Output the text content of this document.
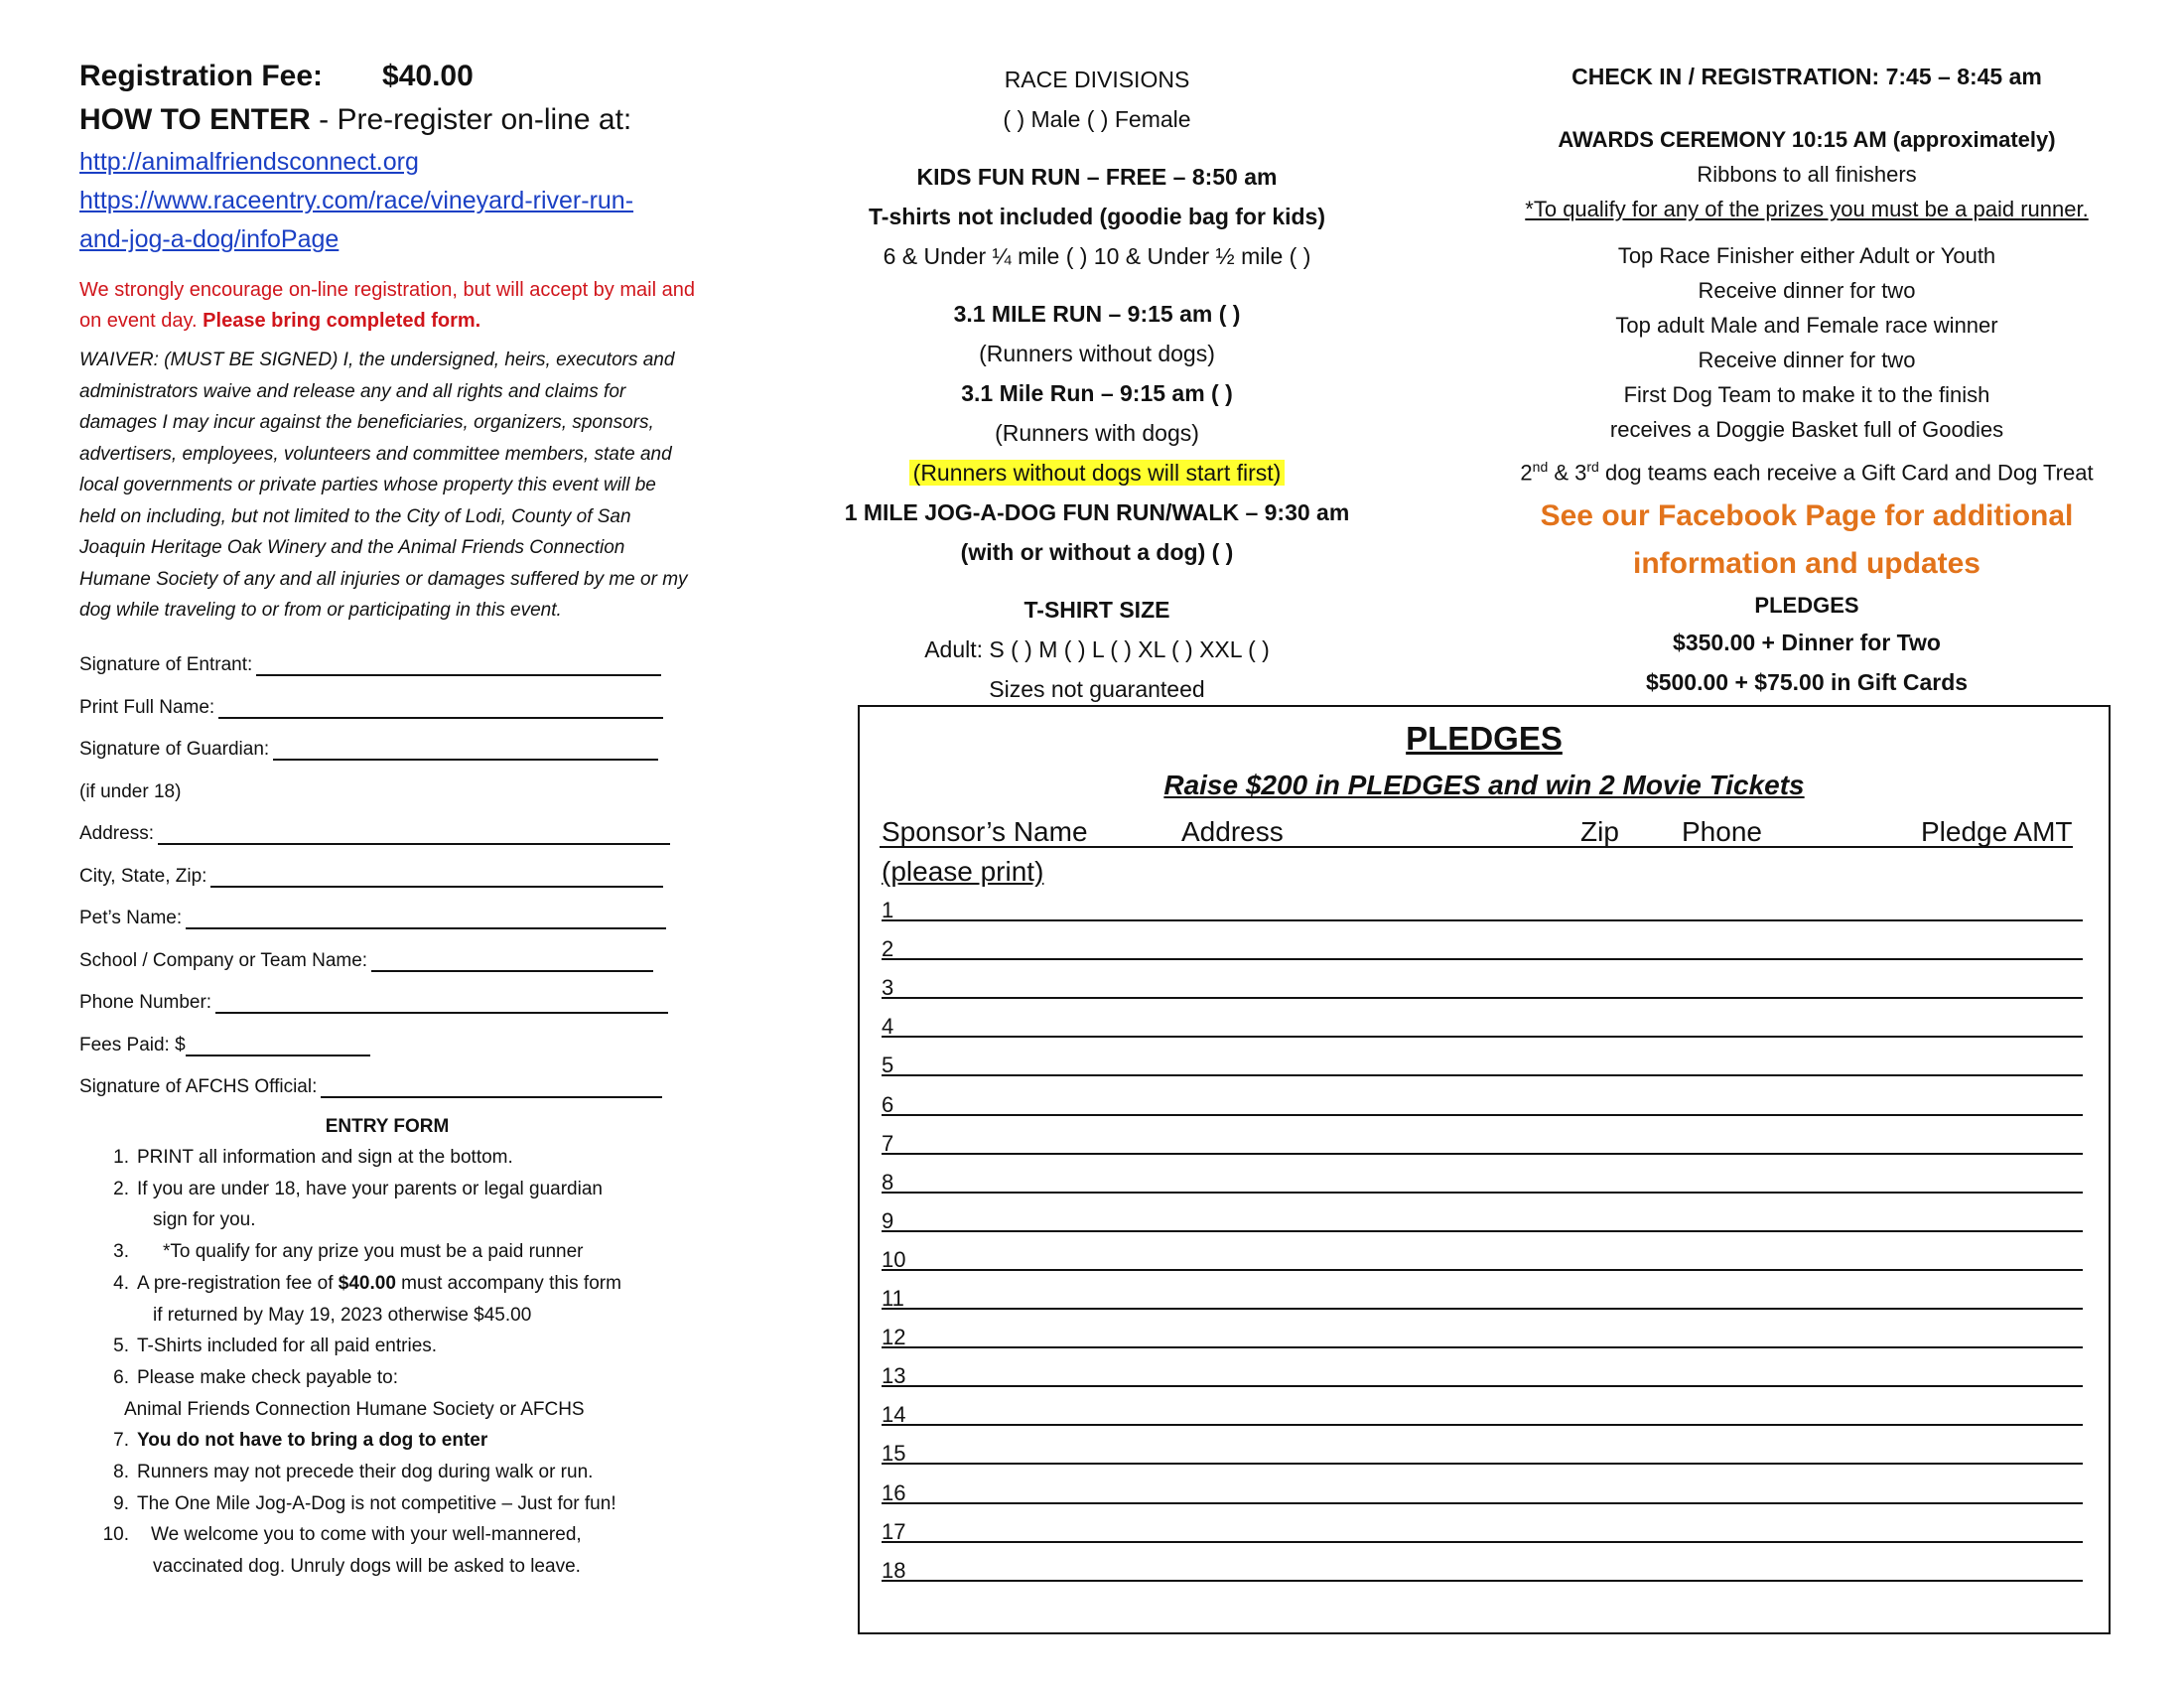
Registration Fee: $40.00
HOW TO ENTER - Pre-register on-line at:
http://animalfriendsconnect.org
https://www.raceentry.com/race/vineyard-river-run-
and-jog-a-dog/infoPage
We strongly encourage on-line registration, but will accept by mail and on event day. Please bring completed form.
WAIVER: (MUST BE SIGNED) I, the undersigned, heirs, executors and administrators waive and release any and all rights and claims for damages I may incur against the beneficiaries, organizers, sponsors, advertisers, employees, volunteers and committee members, state and local governments or private parties whose property this event will be held on including, but not limited to the City of Lodi, County of San Joaquin Heritage Oak Winery and the Animal Friends Connection Humane Society of any and all injuries or damages suffered by me or my dog while traveling to or from or participating in this event.
Signature of Entrant:
Print Full Name:
Signature of Guardian:
(if under 18)
Address:
City, State, Zip:
Pet’s Name:
School / Company or Team Name:
Phone Number:
Fees Paid: $
Signature of AFCHS Official:
ENTRY FORM
1. PRINT all information and sign at the bottom.
2. If you are under 18, have your parents or legal guardian
sign for you.
3.	*To qualify for any prize you must be a paid runner
4. A pre-registration fee of $40.00 must accompany this form
if returned by May 19, 2023 otherwise $45.00
5. T-Shirts included for all paid entries.
6. Please make check payable to:
Animal Friends Connection Humane Society or AFCHS
7. You do not have to bring a dog to enter
8. Runners may not precede their dog during walk or run.
9. The One Mile Jog-A-Dog is not competitive – Just for fun!
10.	We welcome you to come with your well-mannered,
vaccinated dog. Unruly dogs will be asked to leave.
RACE DIVISIONS
( ) Male ( ) Female
KIDS FUN RUN – FREE – 8:50 am
T-shirts not included (goodie bag for kids)
6 & Under ¼ mile ( ) 10 & Under ½ mile ( )
3.1 MILE RUN – 9:15 am ( )
(Runners without dogs)
3.1 Mile Run – 9:15 am ( )
(Runners with dogs)
(Runners without dogs will start first)
1 MILE JOG-A-DOG FUN RUN/WALK – 9:30 am
(with or without a dog) ( )
T-SHIRT SIZE
Adult: S ( ) M ( ) L ( ) XL ( ) XXL ( )
Sizes not guaranteed
CHECK IN / REGISTRATION: 7:45 – 8:45 am
AWARDS CEREMONY 10:15 AM (approximately)
Ribbons to all finishers
*To qualify for any of the prizes you must be a paid runner.
Top Race Finisher either Adult or Youth
Receive dinner for two
Top adult Male and Female race winner
Receive dinner for two
First Dog Team to make it to the finish
receives a Doggie Basket full of Goodies
2nd & 3rd dog teams each receive a Gift Card and Dog Treat
See our Facebook Page for additional
information and updates
PLEDGES
$350.00 + Dinner for Two
$500.00 + $75.00 in Gift Cards
PLEDGES
Raise $200 in PLEDGES and win 2 Movie Tickets
Sponsor’s Name	Address	Zip Phone	Pledge AMT
(please print)
1
2
3
4
5
6
7
8
9
10
11
12
13
14
15
16
17
18
